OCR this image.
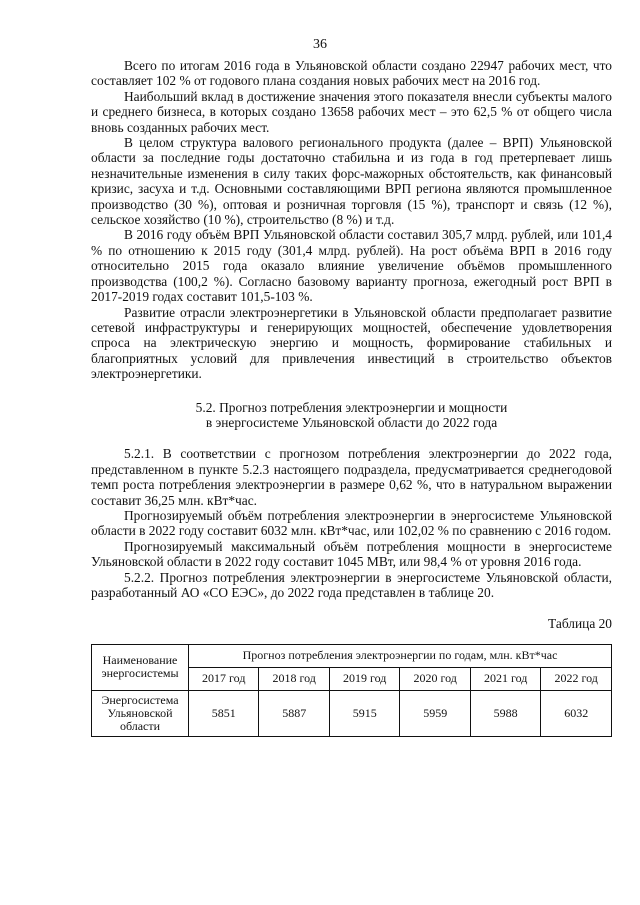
36

Всего по итогам 2016 года в Ульяновской области создано 22947 рабочих мест, что составляет 102 % от годового плана создания новых рабочих мест на 2016 год.

Наибольший вклад в достижение значения этого показателя внесли субъекты малого и среднего бизнеса, в которых создано 13658 рабочих мест – это 62,5 % от общего числа вновь созданных рабочих мест.

В целом структура валового регионального продукта (далее – ВРП) Ульяновской области за последние годы достаточно стабильна и из года в год претерпевает лишь незначительные изменения в силу таких форс-мажорных обстоятельств, как финансовый кризис, засуха и т.д. Основными составляющими ВРП региона являются промышленное производство (30 %), оптовая и розничная торговля (15 %), транспорт и связь (12 %), сельское хозяйство (10 %), строительство (8 %) и т.д.

В 2016 году объём ВРП Ульяновской области составил 305,7 млрд. рублей, или 101,4 % по отношению к 2015 году (301,4 млрд. рублей). На рост объёма ВРП в 2016 году относительно 2015 года оказало влияние увеличение объёмов промышленного производства (100,2 %). Согласно базовому варианту прогноза, ежегодный рост ВРП в 2017-2019 годах составит 101,5-103 %.

Развитие отрасли электроэнергетики в Ульяновской области предполагает развитие сетевой инфраструктуры и генерирующих мощностей, обеспечение удовлетворения спроса на электрическую энергию и мощность, формирование стабильных и благоприятных условий для привлечения инвестиций в строительство объектов электроэнергетики.

5.2. Прогноз потребления электроэнергии и мощности
в энергосистеме Ульяновской области до 2022 года

5.2.1. В соответствии с прогнозом потребления электроэнергии до 2022 года, представленном в пункте 5.2.3 настоящего подраздела, предусматривается среднегодовой темп роста потребления электроэнергии в размере 0,62 %, что в натуральном выражении составит 36,25 млн. кВт*час.

Прогнозируемый объём потребления электроэнергии в энергосистеме Ульяновской области в 2022 году составит 6032 млн. кВт*час, или 102,02 % по сравнению с 2016 годом.

Прогнозируемый максимальный объём потребления мощности в энергосистеме Ульяновской области в 2022 году составит 1045 МВт, или 98,4 % от уровня 2016 года.

5.2.2. Прогноз потребления электроэнергии в энергосистеме Ульяновской области, разработанный АО «СО ЕЭС», до 2022 года представлен в таблице 20.

Таблица 20

Наименование энергосистемы	Прогноз потребления электроэнергии по годам, млн. кВт*час					
	2017 год	2018 год	2019 год	2020 год	2021 год	2022 год
Энергосистема Ульяновской области	5851	5887	5915	5959	5988	6032
